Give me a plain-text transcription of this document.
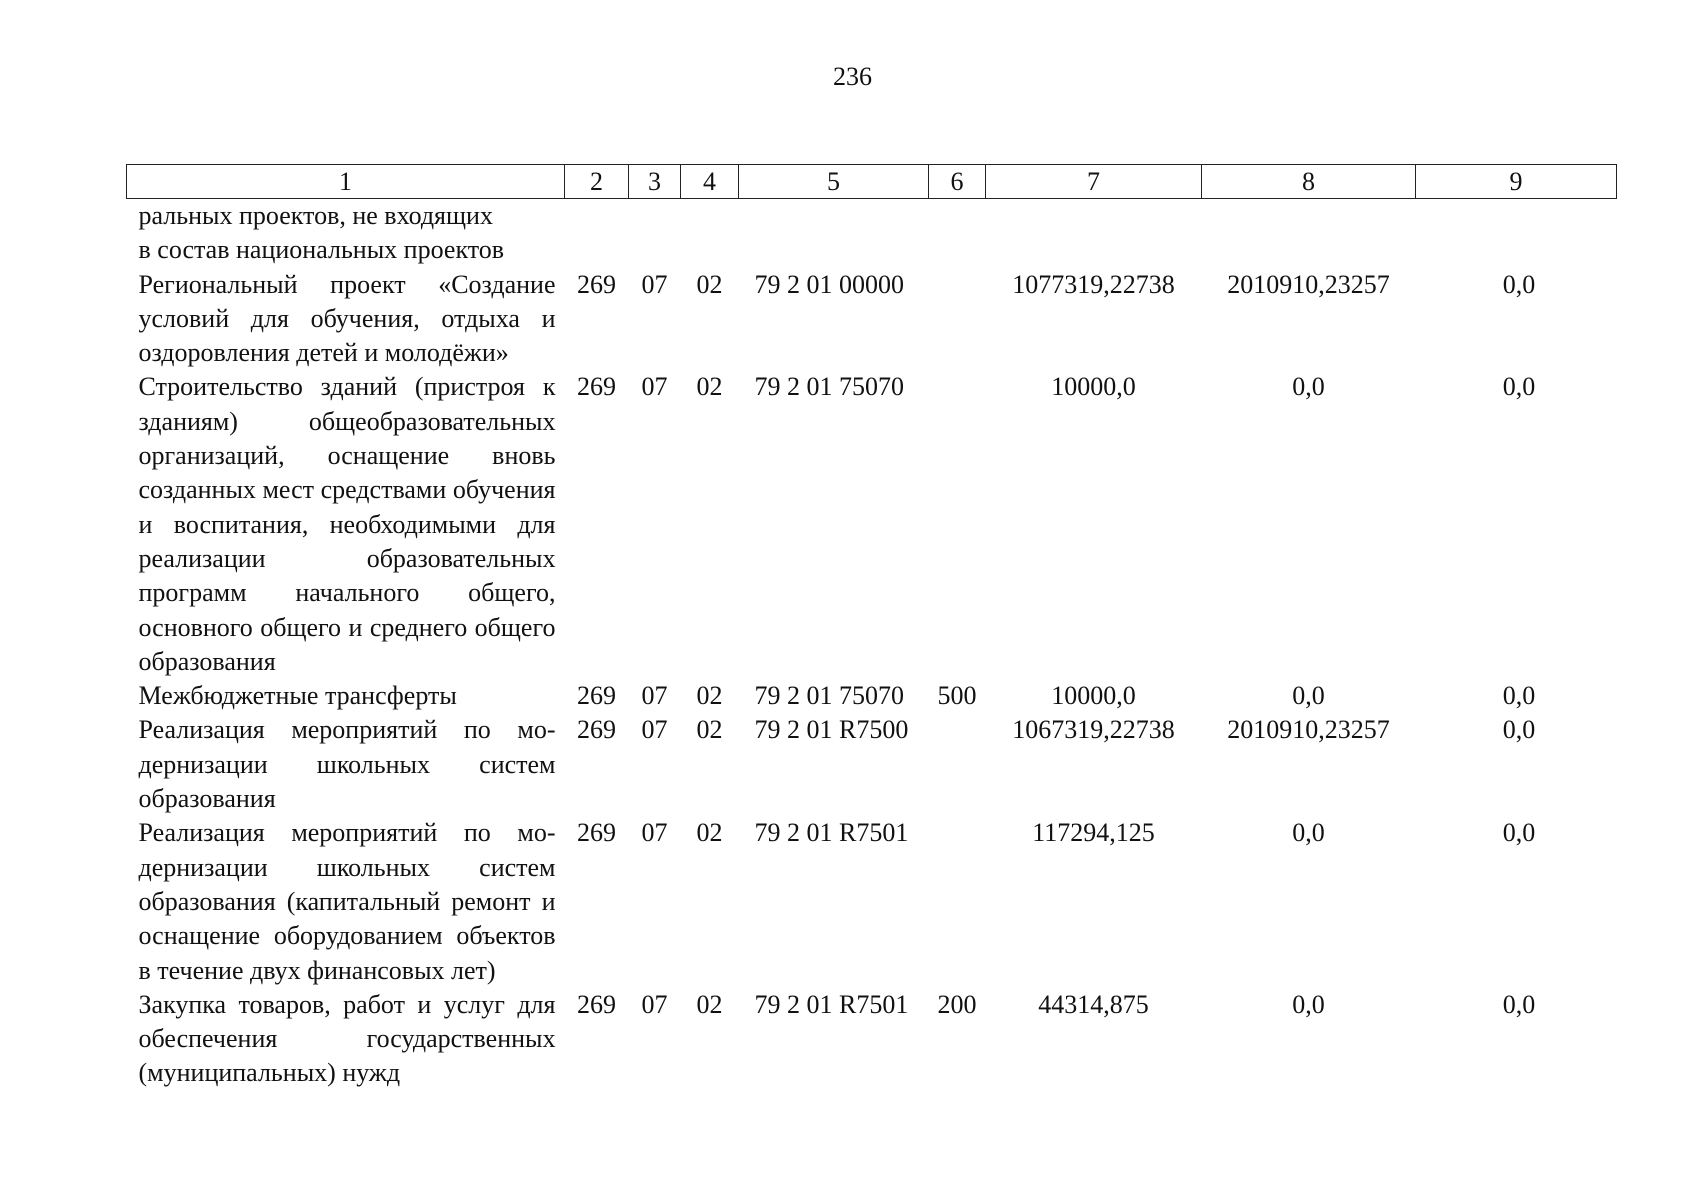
236
1	2	3	4	5	6	7	8	9

ральных проектов, не входящих
в состав национальных проектов								

Региональный проект «Создание условий для обучения, отдыха и оздоровления детей и молодёжи»	269	07	02	79 2 01 00000		1077319,22738	2010910,23257	0,0
Строительство зданий (пристроя к зданиям) общеобразовательных организаций, оснащение вновь созданных мест средствами обучения и воспитания, необходимыми для реализации образовательных программ начального общего, основного общего и среднего общего образования	269	07	02	79 2 01 75070		10000,0	0,0	0,0
Межбюджетные трансферты	269	07	02	79 2 01 75070	500	10000,0	0,0	0,0
Реализация мероприятий по модернизации школьных систем образования	269	07	02	79 2 01 R7500		1067319,22738	2010910,23257	0,0
Реализация мероприятий по модернизации школьных систем образования (капитальный ремонт и оснащение оборудованием объектов в течение двух финансовых лет)	269	07	02	79 2 01 R7501		117294,125	0,0	0,0
Закупка товаров, работ и услуг для обеспечения государственных (муниципальных) нужд	269	07	02	79 2 01 R7501	200	44314,875	0,0	0,0
